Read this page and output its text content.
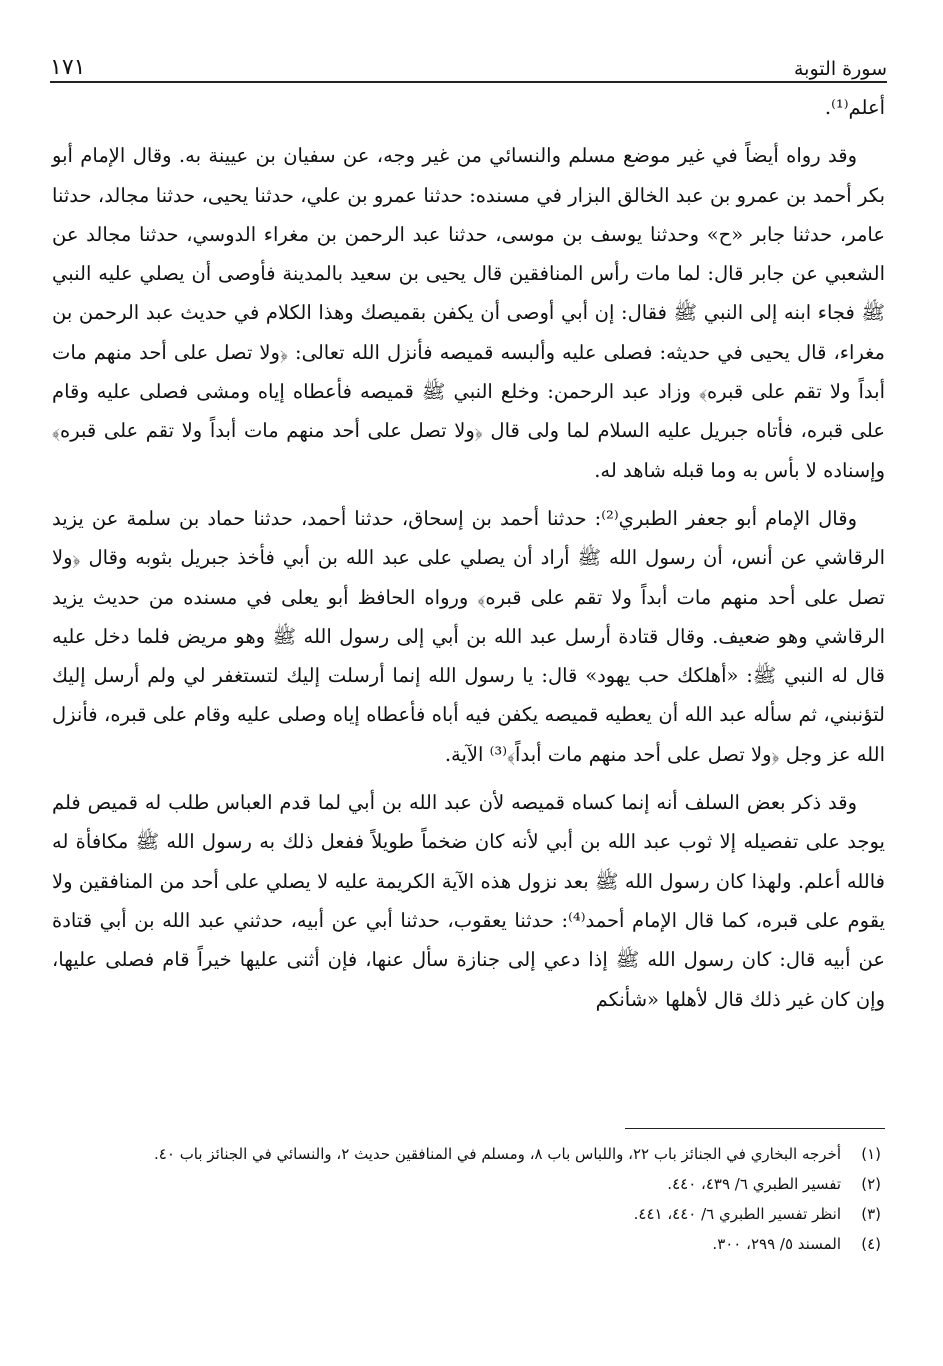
سورة التوبة
١٧١

أعلم⁽¹⁾.

وقد رواه أيضاً في غير موضع مسلم والنسائي من غير وجه، عن سفيان بن عيينة به. وقال الإمام أبو بكر أحمد بن عمرو بن عبد الخالق البزار في مسنده: حدثنا عمرو بن علي، حدثنا يحيى، حدثنا مجالد، حدثنا عامر، حدثنا جابر «ح» وحدثنا يوسف بن موسى، حدثنا عبد الرحمن بن مغراء الدوسي، حدثنا مجالد عن الشعبي عن جابر قال: لما مات رأس المنافقين قال يحيى بن سعيد بالمدينة فأوصى أن يصلي عليه النبي ﷺ فجاء ابنه إلى النبي ﷺ فقال: إن أبي أوصى أن يكفن بقميصك وهذا الكلام في حديث عبد الرحمن بن مغراء، قال يحيى في حديثه: فصلى عليه وألبسه قميصه فأنزل الله تعالى: ﴿ولا تصل على أحد منهم مات أبداً ولا تقم على قبره﴾ وزاد عبد الرحمن: وخلع النبي ﷺ قميصه فأعطاه إياه ومشى فصلى عليه وقام على قبره، فأتاه جبريل عليه السلام لما ولى قال ﴿ولا تصل على أحد منهم مات أبداً ولا تقم على قبره﴾ وإسناده لا بأس به وما قبله شاهد له.

وقال الإمام أبو جعفر الطبري⁽²⁾: حدثنا أحمد بن إسحاق، حدثنا أحمد، حدثنا حماد بن سلمة عن يزيد الرقاشي عن أنس، أن رسول الله ﷺ أراد أن يصلي على عبد الله بن أبي فأخذ جبريل بثوبه وقال ﴿ولا تصل على أحد منهم مات أبداً ولا تقم على قبره﴾ ورواه الحافظ أبو يعلى في مسنده من حديث يزيد الرقاشي وهو ضعيف. وقال قتادة أرسل عبد الله بن أبي إلى رسول الله ﷺ وهو مريض فلما دخل عليه قال له النبي ﷺ: «أهلكك حب يهود» قال: يا رسول الله إنما أرسلت إليك لتستغفر لي ولم أرسل إليك لتؤنبني، ثم سأله عبد الله أن يعطيه قميصه يكفن فيه أباه فأعطاه إياه وصلى عليه وقام على قبره، فأنزل الله عز وجل ﴿ولا تصل على أحد منهم مات أبداً﴾⁽³⁾ الآية.

وقد ذكر بعض السلف أنه إنما كساه قميصه لأن عبد الله بن أبي لما قدم العباس طلب له قميص فلم يوجد على تفصيله إلا ثوب عبد الله بن أبي لأنه كان ضخماً طويلاً ففعل ذلك به رسول الله ﷺ مكافأة له فالله أعلم. ولهذا كان رسول الله ﷺ بعد نزول هذه الآية الكريمة عليه لا يصلي على أحد من المنافقين ولا يقوم على قبره، كما قال الإمام أحمد⁽⁴⁾: حدثنا يعقوب، حدثنا أبي عن أبيه، حدثني عبد الله بن أبي قتادة عن أبيه قال: كان رسول الله ﷺ إذا دعي إلى جنازة سأل عنها، فإن أثنى عليها خيراً قام فصلى عليها، وإن كان غير ذلك قال لأهلها «شأنكم

(١)
أخرجه البخاري في الجنائز باب ٢٢، واللباس باب ٨، ومسلم في المنافقين حديث ٢، والنسائي في الجنائز باب ٤٠.
(٢)
تفسير الطبري ٦/ ٤٣٩، ٤٤٠.
(٣)
انظر تفسير الطبري ٦/ ٤٤٠، ٤٤١.
(٤)
المسند ٥/ ٢٩٩، ٣٠٠.
